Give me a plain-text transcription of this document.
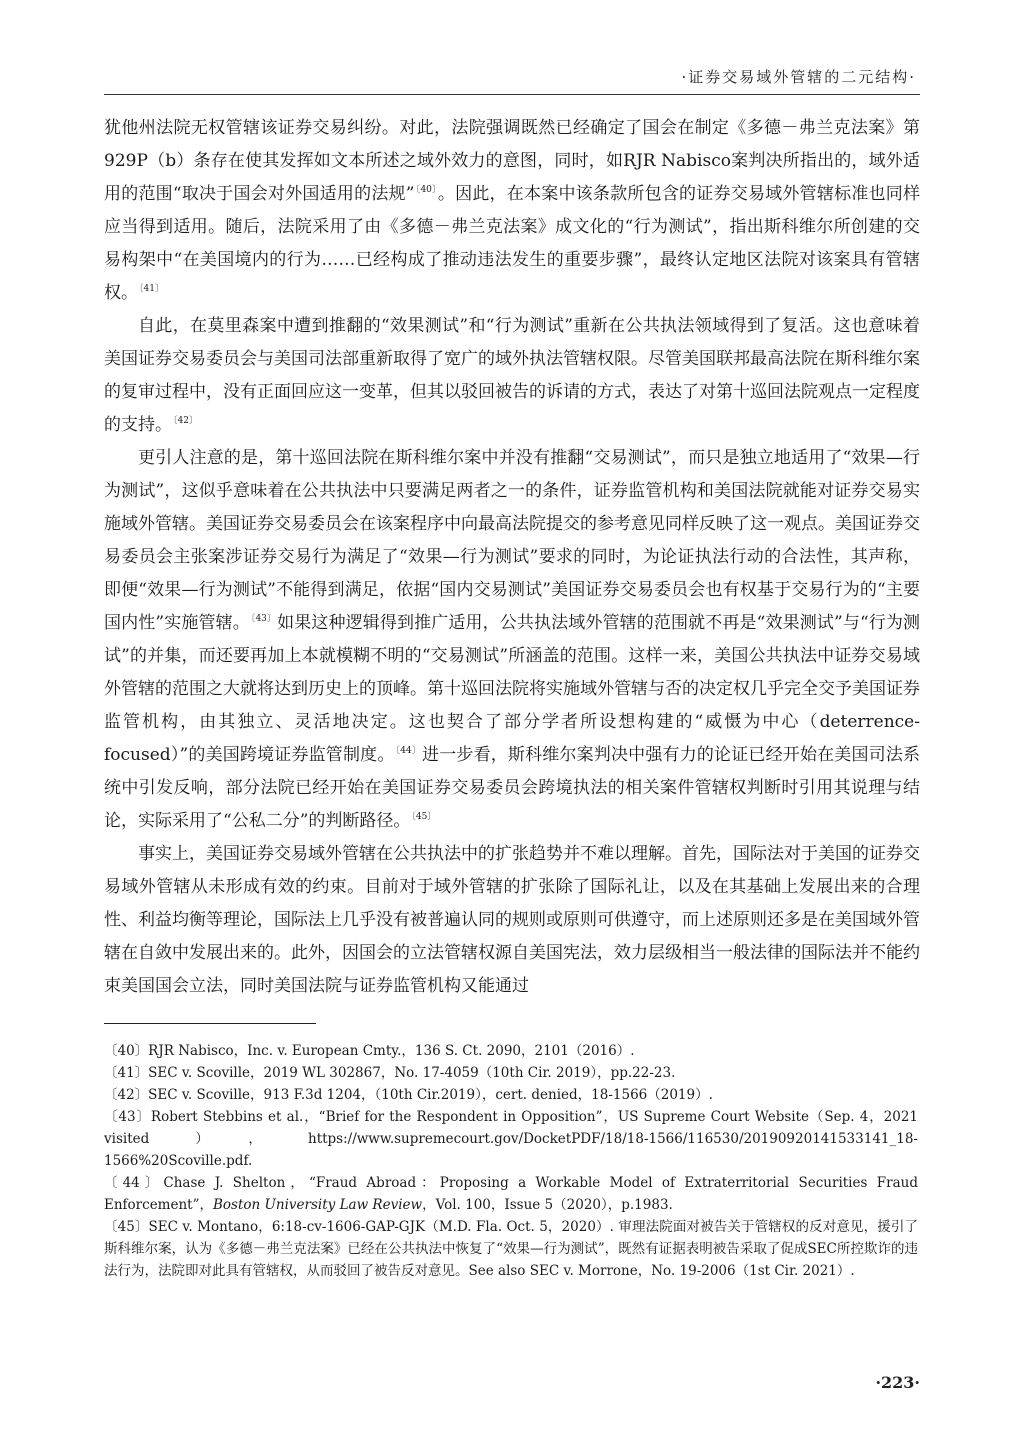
·证券交易域外管辖的二元结构·

犹他州法院无权管辖该证券交易纠纷。对此，法院强调既然已经确定了国会在制定《多德－弗兰克法案》第929P（b）条存在使其发挥如文本所述之域外效力的意图，同时，如RJR Nabisco案判决所指出的，域外适用的范围“取决于国会对外国适用的法规”$^{〔40〕}$。因此，在本案中该条款所包含的证券交易域外管辖标准也同样应当得到适用。随后，法院采用了由《多德－弗兰克法案》成文化的“行为测试”，指出斯科维尔所创建的交易构架中“在美国境内的行为……已经构成了推动违法发生的重要步骤”，最终认定地区法院对该案具有管辖权。$^{〔41〕}$

自此，在莫里森案中遭到推翻的“效果测试”和“行为测试”重新在公共执法领域得到了复活。这也意味着美国证券交易委员会与美国司法部重新取得了宽广的域外执法管辖权限。尽管美国联邦最高法院在斯科维尔案的复审过程中，没有正面回应这一变革，但其以驳回被告的诉请的方式，表达了对第十巡回法院观点一定程度的支持。$^{〔42〕}$

更引人注意的是，第十巡回法院在斯科维尔案中并没有推翻“交易测试”，而只是独立地适用了“效果—行为测试”，这似乎意味着在公共执法中只要满足两者之一的条件，证券监管机构和美国法院就能对证券交易实施域外管辖。美国证券交易委员会在该案程序中向最高法院提交的参考意见同样反映了这一观点。美国证券交易委员会主张案涉证券交易行为满足了“效果—行为测试”要求的同时，为论证执法行动的合法性，其声称，即便“效果—行为测试”不能得到满足，依据“国内交易测试”美国证券交易委员会也有权基于交易行为的“主要国内性”实施管辖。$^{〔43〕}$如果这种逻辑得到推广适用，公共执法域外管辖的范围就不再是“效果测试”与“行为测试”的并集，而还要再加上本就模糊不明的“交易测试”所涵盖的范围。这样一来，美国公共执法中证券交易域外管辖的范围之大就将达到历史上的顶峰。第十巡回法院将实施域外管辖与否的决定权几乎完全交予美国证券监管机构，由其独立、灵活地决定。这也契合了部分学者所设想构建的“威慑为中心（deterrence-focused）”的美国跨境证券监管制度。$^{〔44〕}$进一步看，斯科维尔案判决中强有力的论证已经开始在美国司法系统中引发反响，部分法院已经开始在美国证券交易委员会跨境执法的相关案件管辖权判断时引用其说理与结论，实际采用了“公私二分”的判断路径。$^{〔45〕}$

事实上，美国证券交易域外管辖在公共执法中的扩张趋势并不难以理解。首先，国际法对于美国的证券交易域外管辖从未形成有效的约束。目前对于域外管辖的扩张除了国际礼让，以及在其基础上发展出来的合理性、利益均衡等理论，国际法上几乎没有被普遍认同的规则或原则可供遵守，而上述原则还多是在美国域外管辖在自敛中发展出来的。此外，因国会的立法管辖权源自美国宪法，效力层级相当一般法律的国际法并不能约束美国国会立法，同时美国法院与证券监管机构又能通过

〔40〕RJR Nabisco，Inc. v. European Cmty.，136 S. Ct. 2090，2101（2016）.

〔41〕SEC v. Scoville，2019 WL 302867，No. 17-4059（10th Cir. 2019），pp.22-23.

〔42〕SEC v. Scoville，913 F.3d 1204，（10th Cir.2019），cert. denied，18-1566（2019）.

〔43〕Robert Stebbins et al.，“Brief for the Respondent in Opposition”，US Supreme Court Website（Sep. 4，2021 visited），https://www.supremecourt.gov/DocketPDF/18/18-1566/116530/20190920141533141_18-1566%20Scoville.pdf.

〔44〕Chase J. Shelton，“Fraud Abroad：Proposing a Workable Model of Extraterritorial Securities Fraud Enforcement”，Boston University Law Review，Vol. 100，Issue 5（2020），p.1983.

〔45〕SEC v. Montano，6:18-cv-1606-GAP-GJK（M.D. Fla. Oct. 5，2020）. 审理法院面对被告关于管辖权的反对意见，援引了斯科维尔案，认为《多德－弗兰克法案》已经在公共执法中恢复了“效果—行为测试”，既然有证据表明被告采取了促成SEC所控欺诈的违法行为，法院即对此具有管辖权，从而驳回了被告反对意见。See also SEC v. Morrone，No. 19-2006（1st Cir. 2021）.

·223·
